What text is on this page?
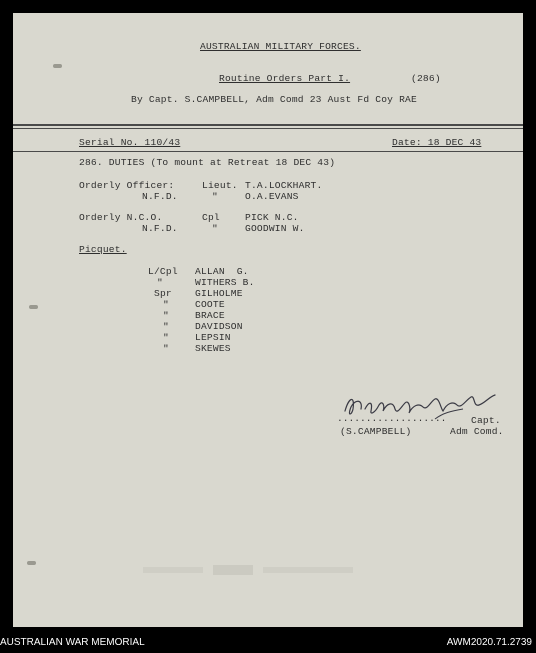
AUSTRALIAN MILITARY FORCES.
Routine Orders Part I.	(286)
By Capt. S.CAMPBELL, Adm Comd 23 Aust Fd Coy RAE
Serial No. 110/43	Date: 18 DEC 43
286. DUTIES (To mount at Retreat 18 DEC 43)
Orderly Officer:	Lieut. T.A.LOCKHART.
N.F.D.	"	O.A.EVANS
Orderly N.C.O.	Cpl	PICK N.C.
N.F.D.	"	GOODWIN W.
Picquet.
L/Cpl ALLAN  G.
"	WITHERS B.
Spr GILHOLME
"	COOTE
"	BRACE
"	DAVIDSON
"	LEPSIN
"	SKEWES
...................	Capt.
(S.CAMPBELL)	Adm Comd.
AUSTRALIAN WAR MEMORIAL	AWM2020.71.2739
